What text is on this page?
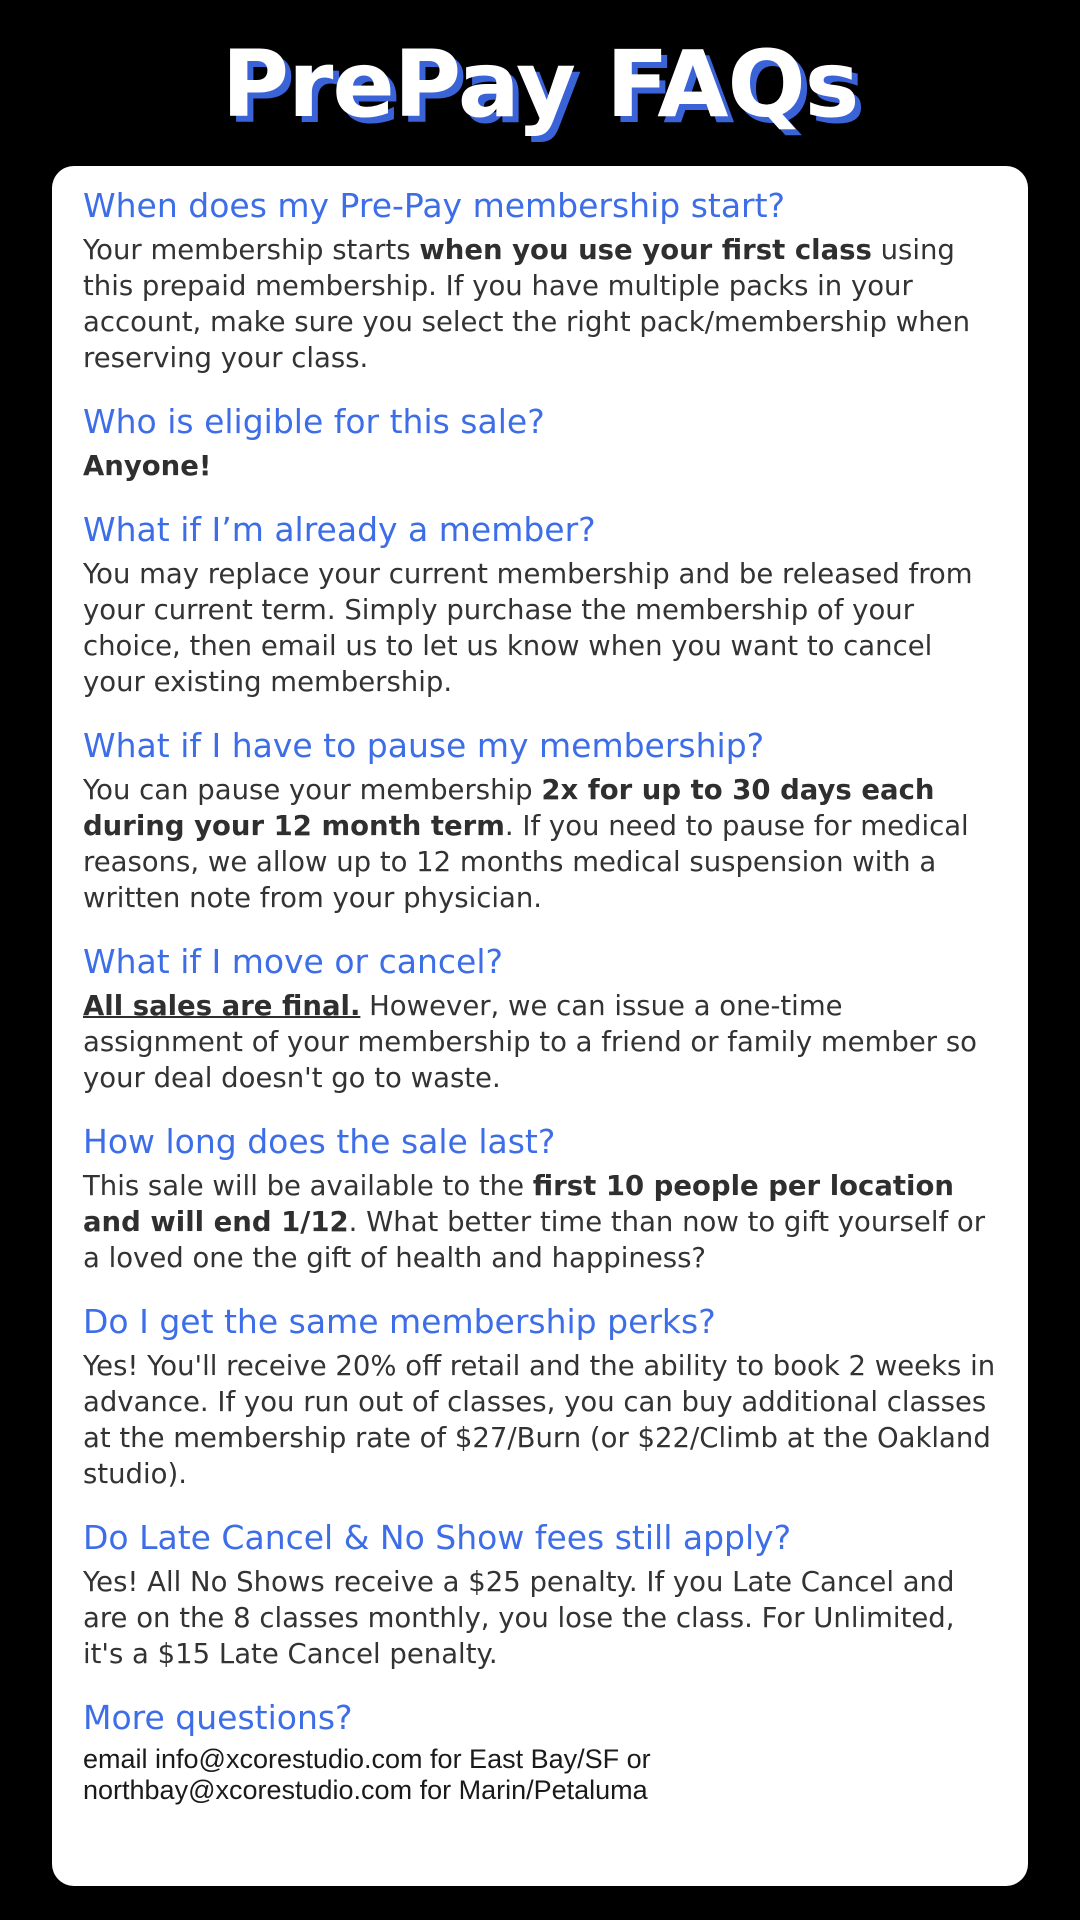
PrePay FAQs

When does my Pre-Pay membership start?

Your membership starts when you use your first class using this prepaid membership. If you have multiple packs in your account, make sure you select the right pack/membership when reserving your class.

Who is eligible for this sale?

Anyone!

What if I’m already a member?

You may replace your current membership and be released from your current term. Simply purchase the membership of your choice, then email us to let us know when you want to cancel your existing membership.

What if I have to pause my membership?

You can pause your membership 2x for up to 30 days each during your 12 month term. If you need to pause for medical reasons, we allow up to 12 months medical suspension with a written note from your physician.

What if I move or cancel?

All sales are final. However, we can issue a one-time assignment of your membership to a friend or family member so your deal doesn't go to waste.

How long does the sale last?

This sale will be available to the first 10 people per location and will end 1/12. What better time than now to gift yourself or a loved one the gift of health and happiness?

Do I get the same membership perks?

Yes! You'll receive 20% off retail and the ability to book 2 weeks in advance. If you run out of classes, you can buy additional classes at the membership rate of $27/Burn (or $22/Climb at the Oakland studio).

Do Late Cancel & No Show fees still apply?

Yes! All No Shows receive a $25 penalty. If you Late Cancel and are on the 8 classes monthly, you lose the class. For Unlimited, it's a $15 Late Cancel penalty.

More questions?

email info@xcorestudio.com for East Bay/SF or

northbay@xcorestudio.com for Marin/Petaluma
